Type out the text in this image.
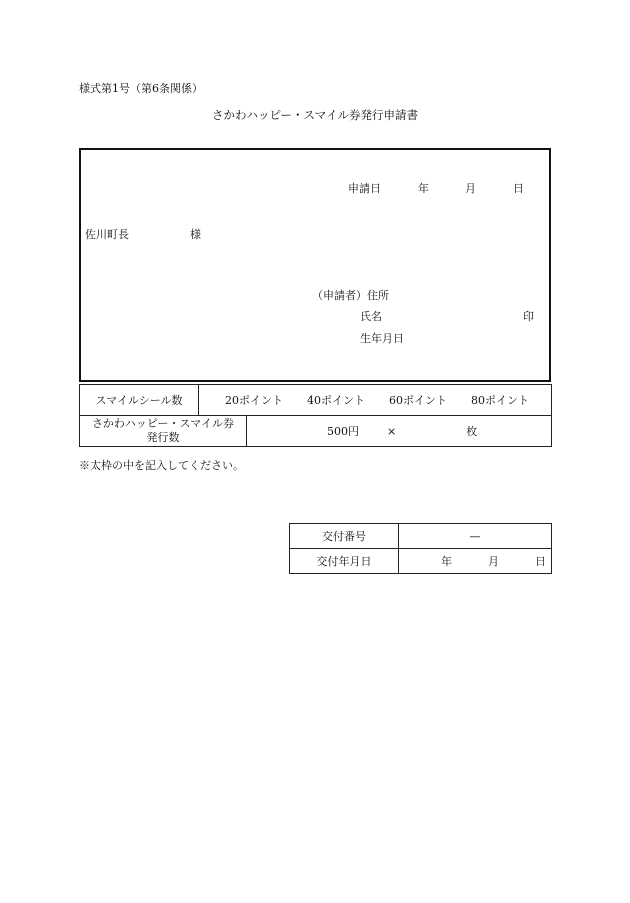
様式第1号（第6条関係）
さかわハッピー・スマイル券発行申請書
申請日	年	月	日
佐川町長	様
（申請者）住所
氏名	印
生年月日
スマイルシール数	20ポイント 40ポイント 60ポイント 80ポイント
さかわハッピー・スマイル券
発行数	500円	×	枚
※太枠の中を記入してください。
交付番号	—
交付年月日	年 月 日
